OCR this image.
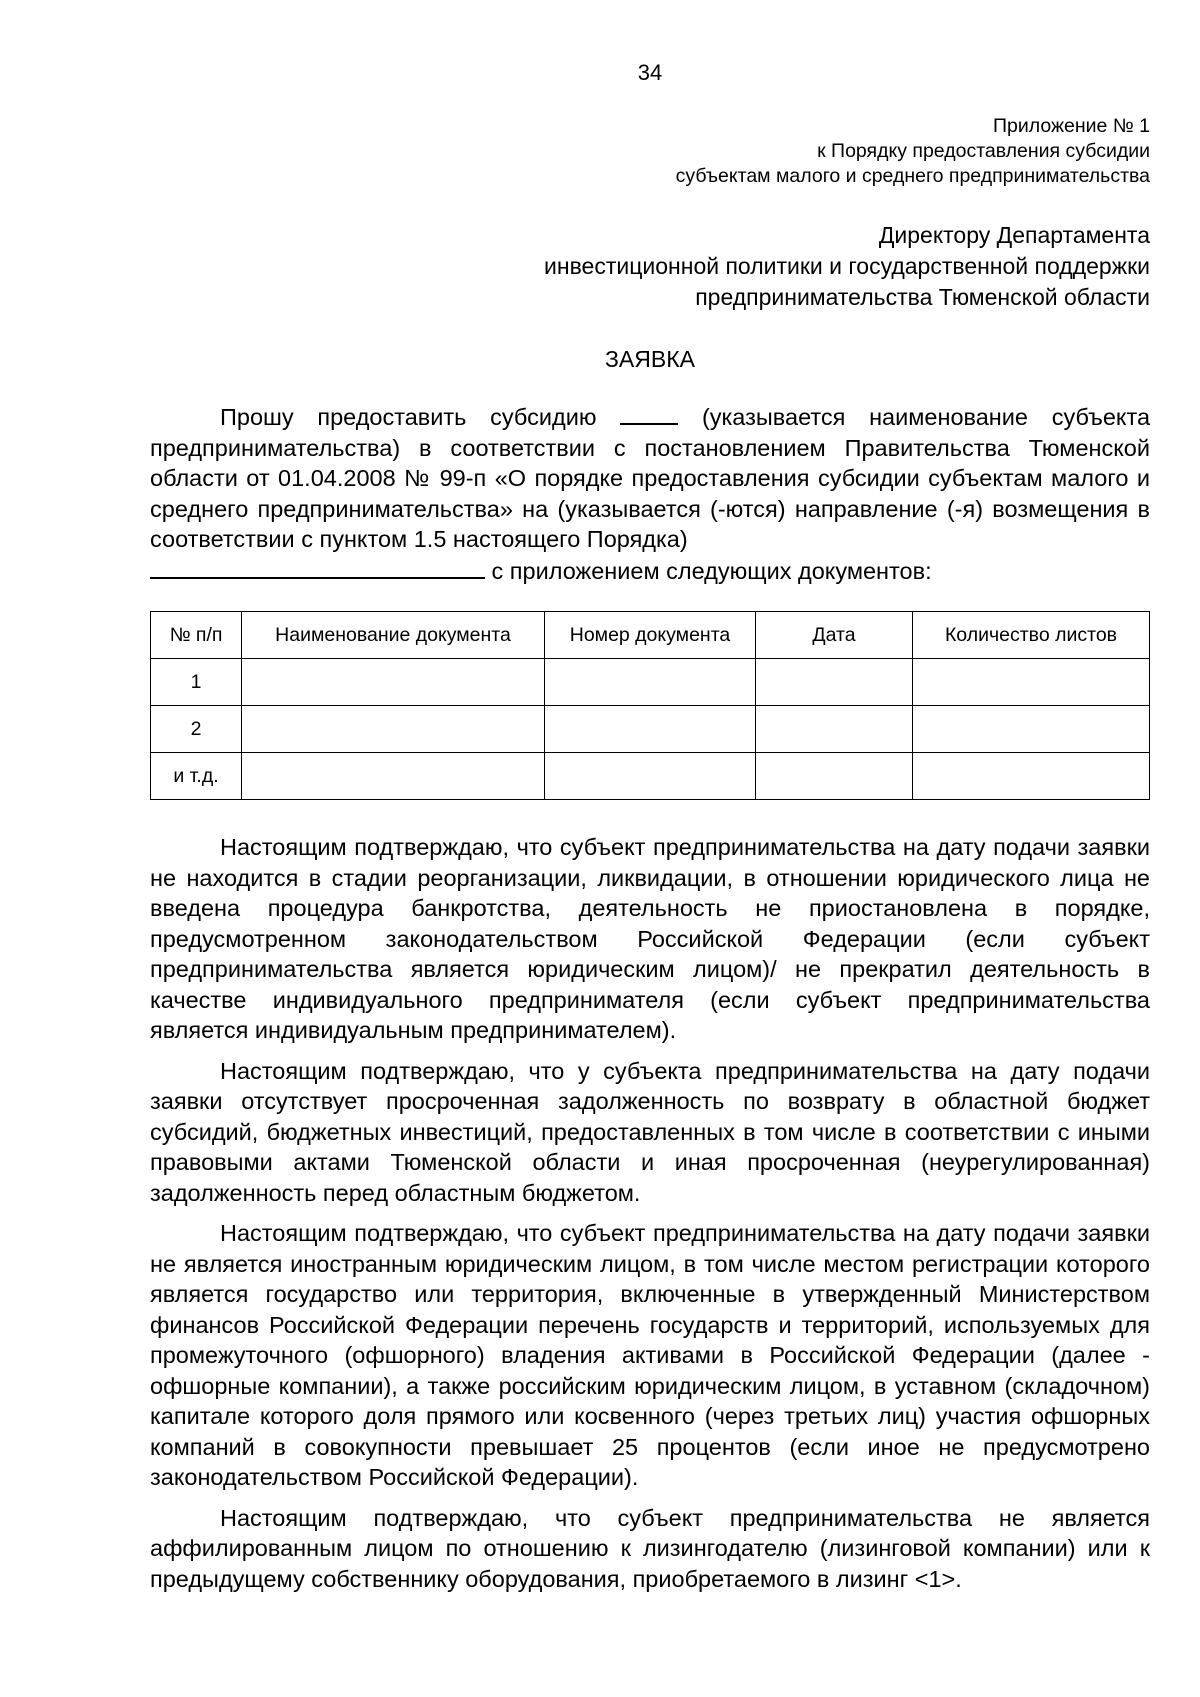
34
Приложение № 1
к Порядку предоставления субсидии
субъектам малого и среднего предпринимательства
Директору Департамента
инвестиционной политики и государственной поддержки
предпринимательства Тюменской области
ЗАЯВКА

Прошу предоставить субсидию	(указывается наименование субъекта предпринимательства) в соответствии с постановлением Правительства Тюменской области от 01.04.2008 № 99-п «О порядке предоставления субсидии субъектам малого и среднего предпринимательства» на (указывается (-ются) направление (-я) возмещения в соответствии с пунктом 1.5 настоящего Порядка)

с приложением следующих документов:

№ п/п	Наименование документа	Номер документа	Дата	Количество листов
1				
2				
и т.д.				

Настоящим подтверждаю, что субъект предпринимательства на дату подачи заявки не находится в стадии реорганизации, ликвидации, в отношении юридического лица не введена процедура банкротства, деятельность не приостановлена в порядке, предусмотренном законодательством Российской Федерации (если субъект предпринимательства является юридическим лицом)/ не прекратил деятельность в качестве индивидуального предпринимателя (если субъект предпринимательства является индивидуальным предпринимателем).

Настоящим подтверждаю, что у субъекта предпринимательства на дату подачи заявки отсутствует просроченная задолженность по возврату в областной бюджет субсидий, бюджетных инвестиций, предоставленных в том числе в соответствии с иными правовыми актами Тюменской области и иная просроченная (неурегулированная) задолженность перед областным бюджетом.

Настоящим подтверждаю, что субъект предпринимательства на дату подачи заявки не является иностранным юридическим лицом, в том числе местом регистрации которого является государство или территория, включенные в утвержденный Министерством финансов Российской Федерации перечень государств и территорий, используемых для промежуточного (офшорного) владения активами в Российской Федерации (далее - офшорные компании), а также российским юридическим лицом, в уставном (складочном) капитале которого доля прямого или косвенного (через третьих лиц) участия офшорных компаний в совокупности превышает 25 процентов (если иное не предусмотрено законодательством Российской Федерации).

Настоящим подтверждаю, что субъект предпринимательства не является аффилированным лицом по отношению к лизингодателю (лизинговой компании) или к предыдущему собственнику оборудования, приобретаемого в лизинг <1>.
